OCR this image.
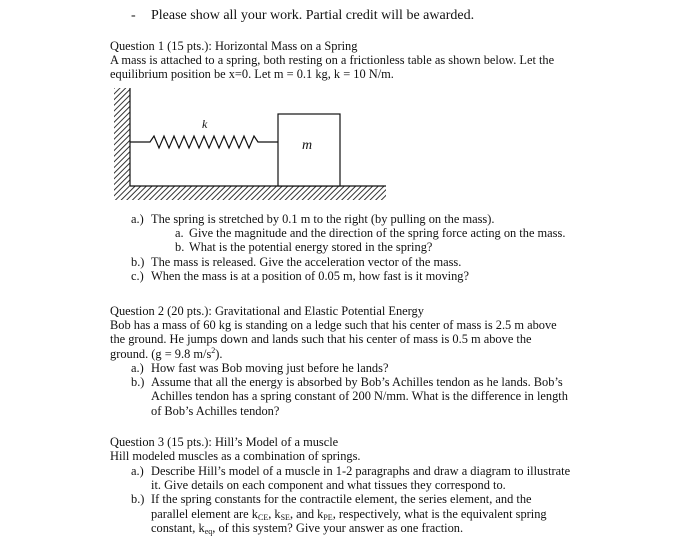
- Please show all your work. Partial credit will be awarded.
Question 1 (15 pts.): Horizontal Mass on a Spring
A mass is attached to a spring, both resting on a frictionless table as shown below. Let the
equilibrium position be x=0. Let m = 0.1 kg, k = 10 N/m.
k
m
a.) The spring is stretched by 0.1 m to the right (by pulling on the mass).
a. Give the magnitude and the direction of the spring force acting on the mass.
b. What is the potential energy stored in the spring?
b.) The mass is released. Give the acceleration vector of the mass.
c.) When the mass is at a position of 0.05 m, how fast is it moving?
Question 2 (20 pts.): Gravitational and Elastic Potential Energy
Bob has a mass of 60 kg is standing on a ledge such that his center of mass is 2.5 m above
the ground. He jumps down and lands such that his center of mass is 0.5 m above the
ground. (g = 9.8 $m/s^2$).
a.) How fast was Bob moving just before he lands?
b.) Assume that all the energy is absorbed by Bob’s Achilles tendon as he lands. Bob’s
Achilles tendon has a spring constant of 200 N/mm. What is the difference in length
of Bob’s Achilles tendon?
Question 3 (15 pts.): Hill’s Model of a muscle
Hill modeled muscles as a combination of springs.
a.) Describe Hill’s model of a muscle in 1-2 paragraphs and draw a diagram to illustrate
it. Give details on each component and what tissues they correspond to.
b.) If the spring constants for the contractile element, the series element, and the
parallel element are $k_{CE}$, $k_{SE}$, and $k_{PE}$, respectively, what is the equivalent spring
constant, $k_{eq}$, of this system? Give your answer as one fraction.
